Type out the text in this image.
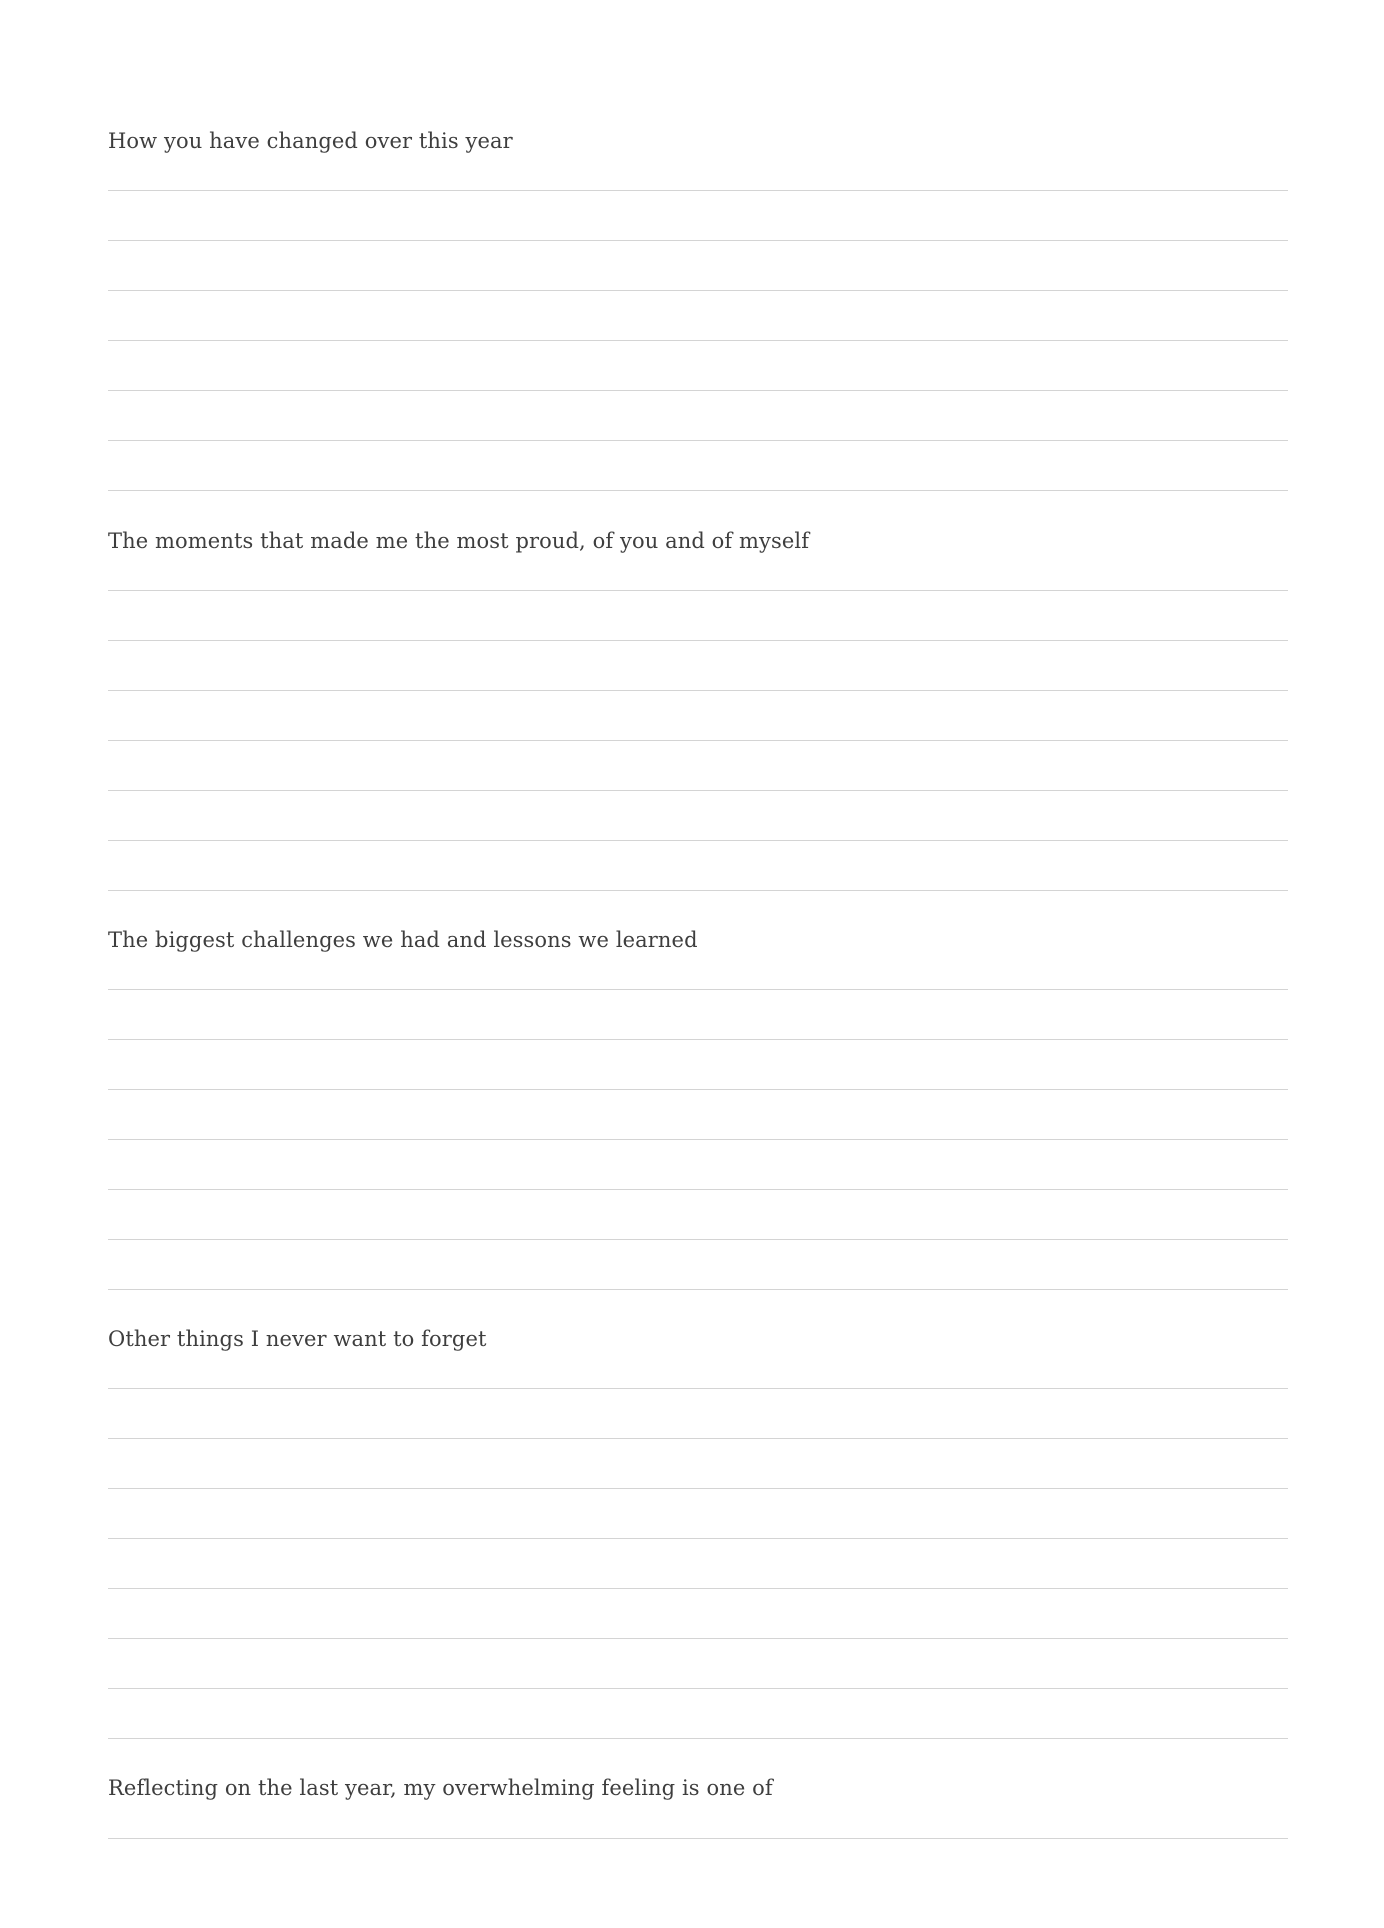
How you have changed over this year
The moments that made me the most proud, of you and of myself
The biggest challenges we had and lessons we learned
Other things I never want to forget
Reflecting on the last year, my overwhelming feeling is one of
